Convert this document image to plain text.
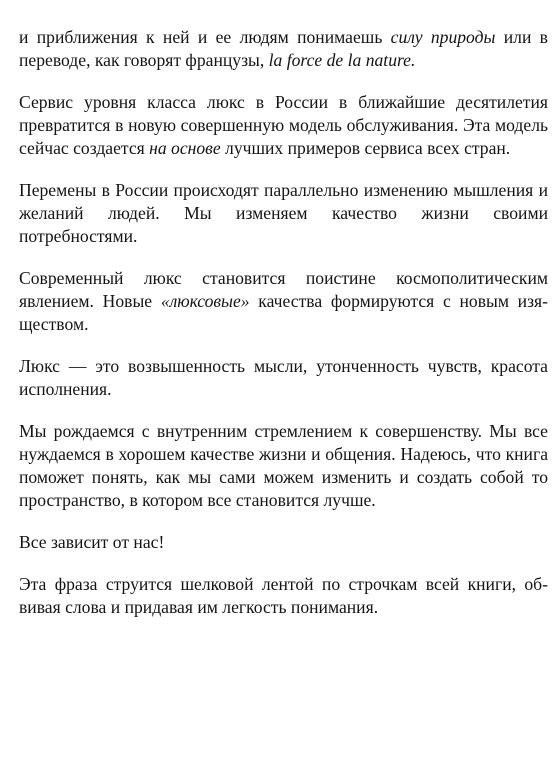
и приближения к ней и ее людям понимаешь силу природы или в переводе, как говорят французы, la force de la nature.

Сервис уровня класса люкс в России в ближайшие десятилетия превратится в новую совершенную модель обслуживания. Эта модель сейчас создается на основе лучших примеров сервиса всех стран.

Перемены в России происходят параллельно изменению мышления и желаний людей. Мы изменяем качество жизни своими потребностями.

Современный люкс становится поистине космополитическим явлением. Новые «люксовые» качества формируются с новым изяществом.

Люкс — это возвышенность мысли, утонченность чувств, красота исполнения.

Мы рождаемся с внутренним стремлением к совершенству. Мы все нуждаемся в хорошем качестве жизни и общения. Надеюсь, что книга поможет понять, как мы сами можем изменить и создать собой то пространство, в котором все становится лучше.

Все зависит от нас!

Эта фраза струится шелковой лентой по строчкам всей книги, обвивая слова и придавая им легкость понимания.
